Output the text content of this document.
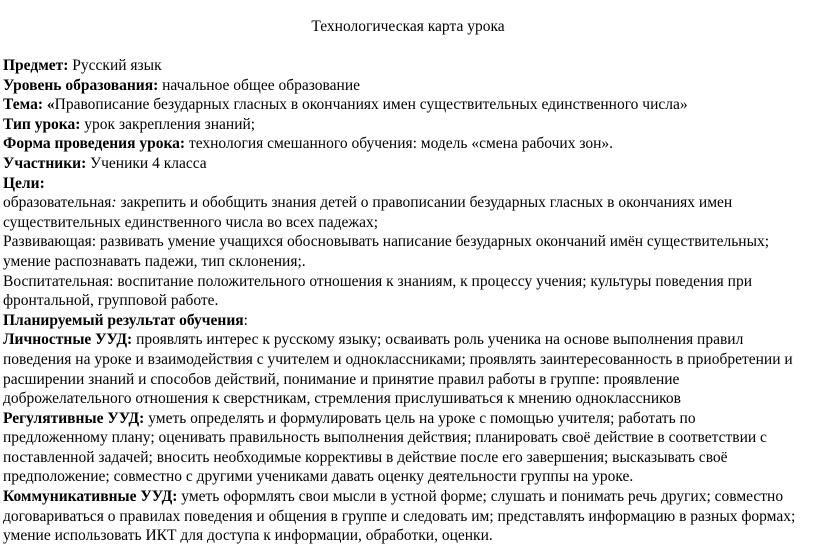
Технологическая карта урока

Предмет: Русский язык

Уровень образования: начальное общее образование

Тема: «Правописание безударных гласных в окончаниях имен существительных единственного числа»

Тип урока: урок закрепления знаний;

Форма проведения урока: технология смешанного обучения: модель «смена рабочих зон».

Участники: Ученики 4 класса

Цели:

образовательная: закрепить и обобщить знания детей о правописании безударных гласных в окончаниях имен
существительных единственного числа во всех падежах;
Развивающая: развивать умение учащихся обосновывать написание безударных окончаний имён существительных;
умение распознавать падежи, тип склонения;.
Воспитательная: воспитание положительного отношения к знаниям, к процессу учения; культуры поведения при
фронтальной, групповой работе.

Планируемый результат обучения:

Личностные УУД: проявлять интерес к русскому языку; осваивать роль ученика на основе выполнения правил
поведения на уроке и взаимодействия с учителем и одноклассниками; проявлять заинтересованность в приобретении и
расширении знаний и способов действий, понимание и принятие правил работы в группе: проявление
доброжелательного отношения к сверстникам, стремления прислушиваться к мнению одноклассников
Регулятивные УУД: уметь определять и формулировать цель на уроке с помощью учителя; работать по
предложенному плану; оценивать правильность выполнения действия; планировать своё действие в соответствии с
поставленной задачей; вносить необходимые коррективы в действие после его завершения; высказывать своё
предположение; совместно с другими учениками давать оценку деятельности группы на уроке.
Коммуникативные УУД: уметь оформлять свои мысли в устной форме; слушать и понимать речь других; совместно
договариваться о правилах поведения и общения в группе и следовать им; представлять информацию в разных формах;
умение использовать ИКТ для доступа к информации, обработки, оценки.
